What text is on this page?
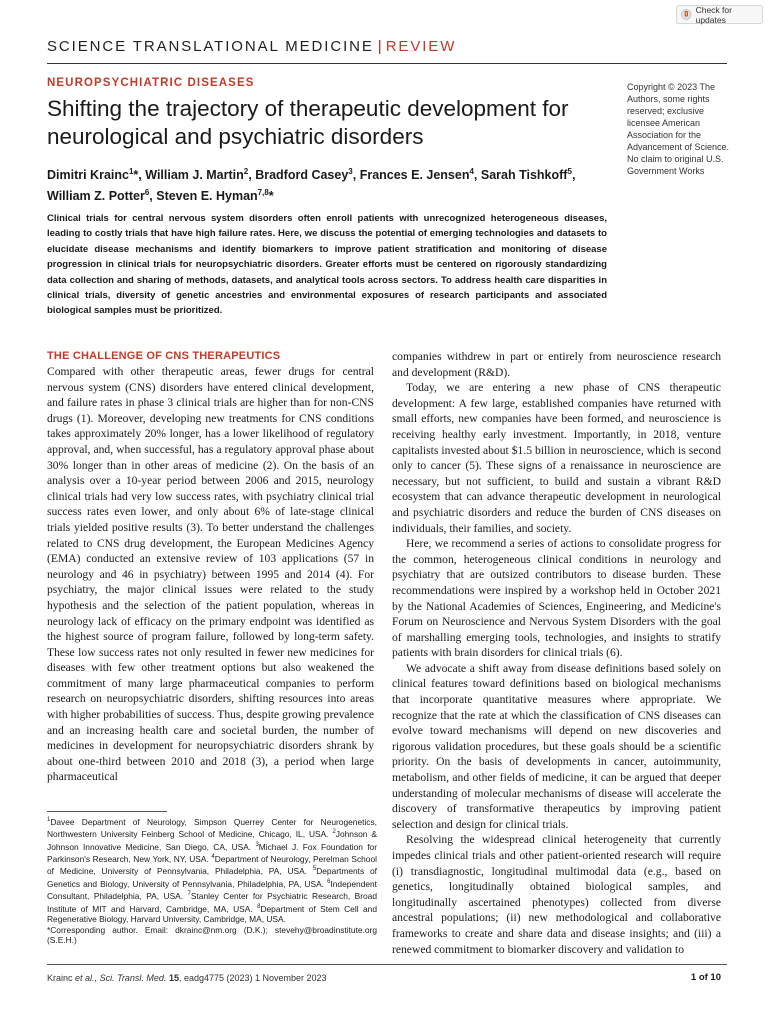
Check for updates
SCIENCE TRANSLATIONAL MEDICINE | REVIEW
NEUROPSYCHIATRIC DISEASES
Shifting the trajectory of therapeutic development for neurological and psychiatric disorders
Dimitri Krainc$^1$*, William J. Martin$^2$, Bradford Casey$^3$, Frances E. Jensen$^4$, Sarah Tishkoff$^5$, William Z. Potter$^6$, Steven E. Hyman$^{7,8}$*
Copyright © 2023 The Authors, some rights reserved; exclusive licensee American Association for the Advancement of Science. No claim to original U.S. Government Works

Clinical trials for central nervous system disorders often enroll patients with unrecognized heterogeneous diseases, leading to costly trials that have high failure rates. Here, we discuss the potential of emerging technologies and datasets to elucidate disease mechanisms and identify biomarkers to improve patient stratification and monitoring of disease progression in clinical trials for neuropsychiatric disorders. Greater efforts must be centered on rigorously standardizing data collection and sharing of methods, datasets, and analytical tools across sectors. To address health care disparities in clinical trials, diversity of genetic ancestries and environmental exposures of research participants and associated biological samples must be prioritized.

THE CHALLENGE OF CNS THERAPEUTICS

Compared with other therapeutic areas, fewer drugs for central nervous system (CNS) disorders have entered clinical development, and failure rates in phase 3 clinical trials are higher than for non-CNS drugs (1). Moreover, developing new treatments for CNS conditions takes approximately 20% longer, has a lower likelihood of regulatory approval, and, when successful, has a regulatory approval phase about 30% longer than in other areas of medicine (2). On the basis of an analysis over a 10-year period between 2006 and 2015, neurology clinical trials had very low success rates, with psychiatry clinical trial success rates even lower, and only about 6% of late-stage clinical trials yielded positive results (3). To better understand the challenges related to CNS drug development, the European Medicines Agency (EMA) conducted an extensive review of 103 applications (57 in neurology and 46 in psychiatry) between 1995 and 2014 (4). For psychiatry, the major clinical issues were related to the study hypothesis and the selection of the patient population, whereas in neurology lack of efficacy on the primary endpoint was identified as the highest source of program failure, followed by long-term safety. These low success rates not only resulted in fewer new medicines for diseases with few other treatment options but also weakened the commitment of many large pharmaceutical companies to perform research on neuropsychiatric disorders, shifting resources into areas with higher probabilities of success. Thus, despite growing prevalence and an increasing health care and societal burden, the number of medicines in development for neuropsychiatric disorders shrank by about one-third between 2010 and 2018 (3), a period when large pharmaceutical

companies withdrew in part or entirely from neuroscience research and development (R&D).

Today, we are entering a new phase of CNS therapeutic development: A few large, established companies have returned with small efforts, new companies have been formed, and neuroscience is receiving healthy early investment. Importantly, in 2018, venture capitalists invested about $1.5 billion in neuroscience, which is second only to cancer (5). These signs of a renaissance in neuroscience are necessary, but not sufficient, to build and sustain a vibrant R&D ecosystem that can advance therapeutic development in neurological and psychiatric disorders and reduce the burden of CNS diseases on individuals, their families, and society.

Here, we recommend a series of actions to consolidate progress for the common, heterogeneous clinical conditions in neurology and psychiatry that are outsized contributors to disease burden. These recommendations were inspired by a workshop held in October 2021 by the National Academies of Sciences, Engineering, and Medicine's Forum on Neuroscience and Nervous System Disorders with the goal of marshalling emerging tools, technologies, and insights to stratify patients with brain disorders for clinical trials (6).

We advocate a shift away from disease definitions based solely on clinical features toward definitions based on biological mechanisms that incorporate quantitative measures where appropriate. We recognize that the rate at which the classification of CNS diseases can evolve toward mechanisms will depend on new discoveries and rigorous validation procedures, but these goals should be a scientific priority. On the basis of developments in cancer, autoimmunity, metabolism, and other fields of medicine, it can be argued that deeper understanding of molecular mechanisms of disease will accelerate the discovery of transformative therapeutics by improving patient selection and design for clinical trials.

Resolving the widespread clinical heterogeneity that currently impedes clinical trials and other patient-oriented research will require (i) transdiagnostic, longitudinal multimodal data (e.g., based on genetics, longitudinally obtained biological samples, and longitudinally ascertained phenotypes) collected from diverse ancestral populations; (ii) new methodological and collaborative frameworks to create and share data and disease insights; and (iii) a renewed commitment to biomarker discovery and validation to

$^1$Davee Department of Neurology, Simpson Querrey Center for Neurogenetics, Northwestern University Feinberg School of Medicine, Chicago, IL, USA. $^2$Johnson & Johnson Innovative Medicine, San Diego, CA, USA. $^3$Michael J. Fox Foundation for Parkinson's Research, New York, NY, USA. $^4$Department of Neurology, Perelman School of Medicine, University of Pennsylvania, Philadelphia, PA, USA. $^5$Departments of Genetics and Biology, University of Pennsylvania, Philadelphia, PA, USA. $^6$Independent Consultant, Philadelphia, PA, USA. $^7$Stanley Center for Psychiatric Research, Broad Institute of MIT and Harvard, Cambridge, MA, USA. $^8$Department of Stem Cell and Regenerative Biology, Harvard University, Cambridge, MA, USA.
*Corresponding author. Email: dkrainc@nm.org (D.K.); stevehy@broadinstitute.org (S.E.H.)
Krainc et al., Sci. Transl. Med. 15, eadg4775 (2023) 1 November 2023	1 of 10
